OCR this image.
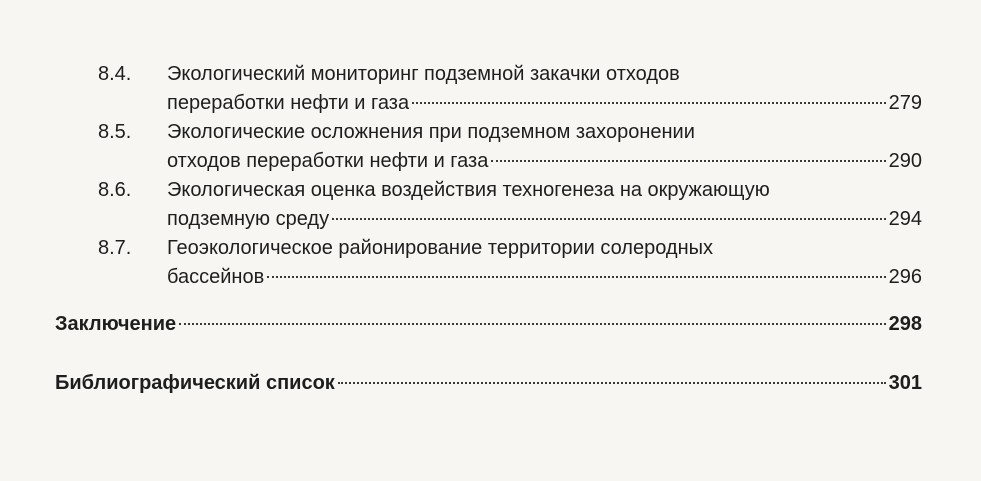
8.4. Экологический мониторинг подземной закачки отходов
переработки нефти и газа	279
8.5. Экологические осложнения при подземном захоронении
отходов переработки нефти и газа	290
8.6. Экологическая оценка воздействия техногенеза на окружающую
подземную среду	294
8.7. Геоэкологическое районирование территории солеродных
бассейнов	296
Заключение	298
Библиографический список	301
